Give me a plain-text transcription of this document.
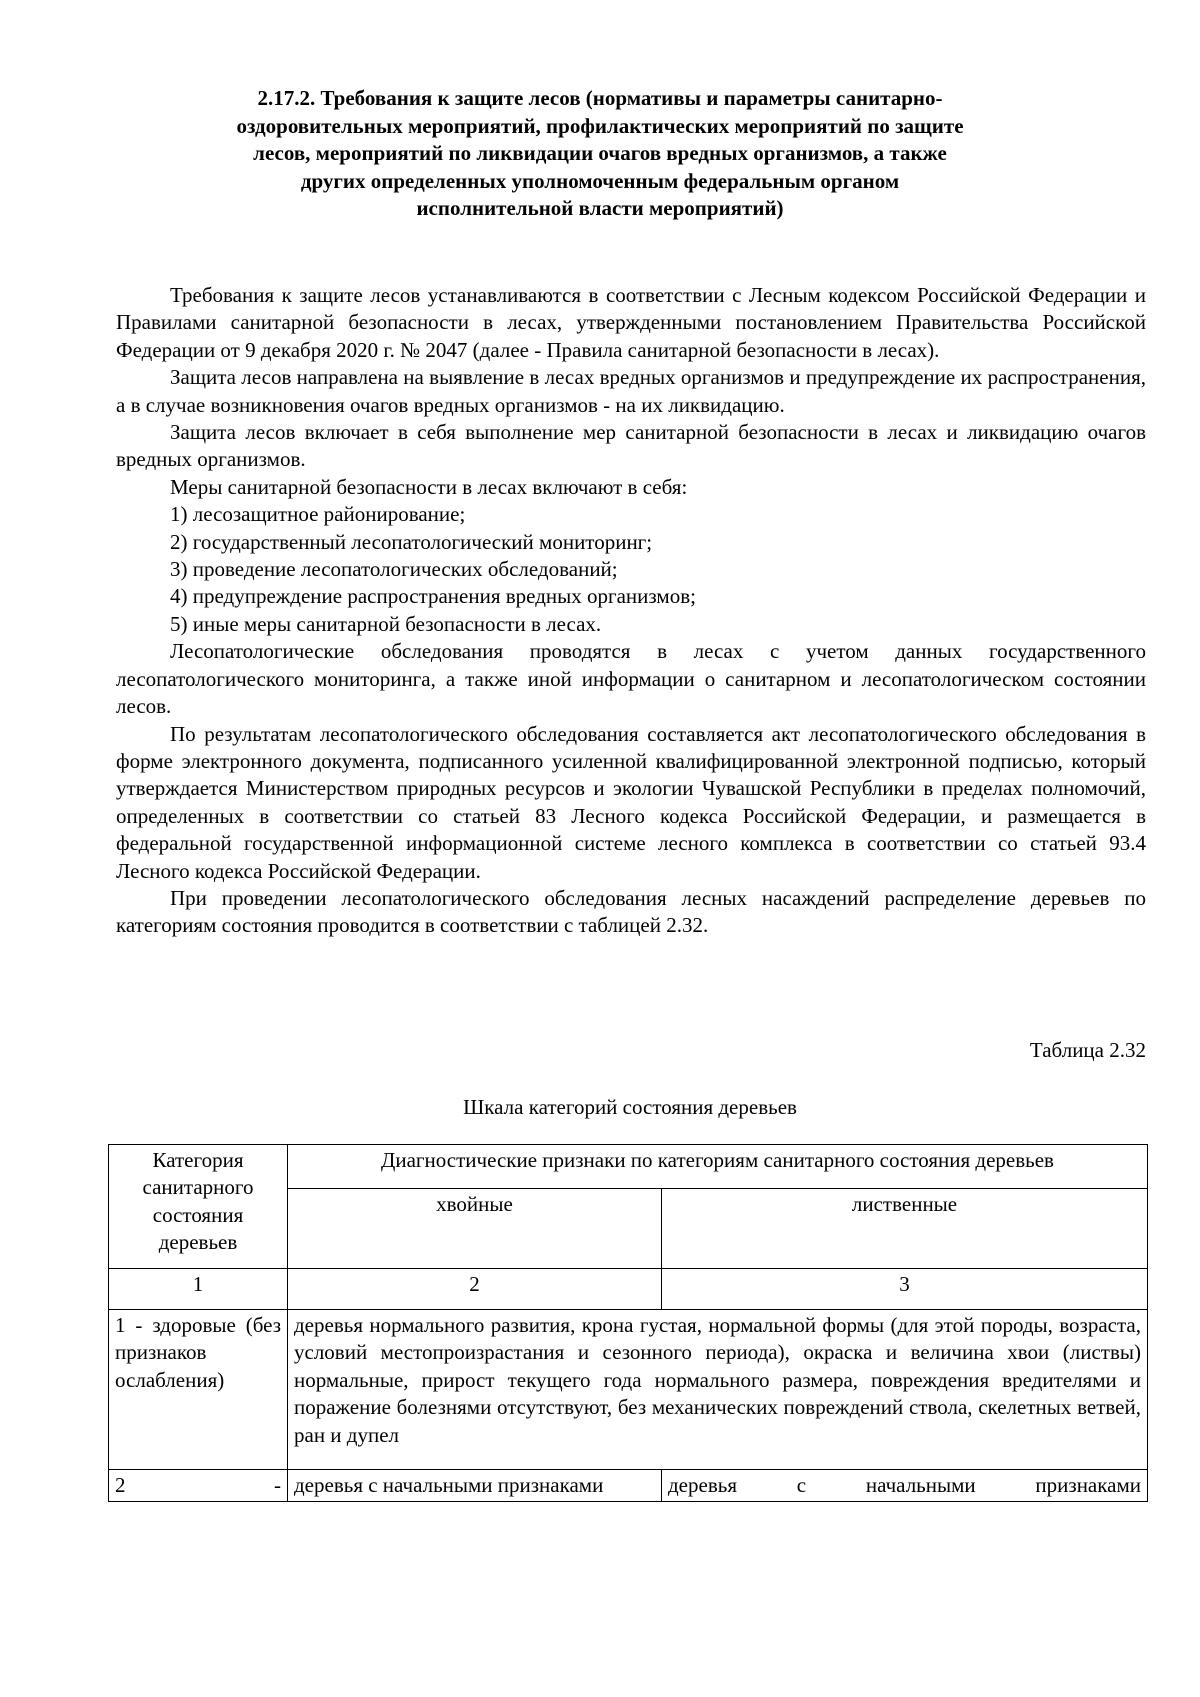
2.17.2. Требования к защите лесов (нормативы и параметры санитарно-оздоровительных мероприятий, профилактических мероприятий по защите лесов, мероприятий по ликвидации очагов вредных организмов, а также других определенных уполномоченным федеральным органом исполнительной власти мероприятий)

Требования к защите лесов устанавливаются в соответствии с Лесным кодексом Российской Федерации и Правилами санитарной безопасности в лесах, утвержденными постановлением Правительства Российской Федерации от 9 декабря 2020 г. № 2047 (далее - Правила санитарной безопасности в лесах).

Защита лесов направлена на выявление в лесах вредных организмов и предупреждение их распространения, а в случае возникновения очагов вредных организмов - на их ликвидацию.

Защита лесов включает в себя выполнение мер санитарной безопасности в лесах и ликвидацию очагов вредных организмов.

Меры санитарной безопасности в лесах включают в себя:

1) лесозащитное районирование;

2) государственный лесопатологический мониторинг;

3) проведение лесопатологических обследований;

4) предупреждение распространения вредных организмов;

5) иные меры санитарной безопасности в лесах.

Лесопатологические обследования проводятся в лесах с учетом данных государственного лесопатологического мониторинга, а также иной информации о санитарном и лесопатологическом состоянии лесов.

По результатам лесопатологического обследования составляется акт лесопатологического обследования в форме электронного документа, подписанного усиленной квалифицированной электронной подписью, который утверждается Министерством природных ресурсов и экологии Чувашской Республики в пределах полномочий, определенных в соответствии со статьей 83 Лесного кодекса Российской Федерации, и размещается в федеральной государственной информационной системе лесного комплекса в соответствии со статьей 93.4 Лесного кодекса Российской Федерации.

При проведении лесопатологического обследования лесных насаждений распределение деревьев по категориям состояния проводится в соответствии с таблицей 2.32.

Таблица 2.32
Шкала категорий состояния деревьев
Категория санитарного состояния деревьев	Диагностические признаки по категориям санитарного состояния деревьев	
	хвойные	лиственные
1	2	3
1 - здоровые (без признаков ослабления)	деревья нормального развития, крона густая, нормальной формы (для этой породы, возраста, условий местопроизрастания и сезонного периода), окраска и величина хвои (листвы) нормальные, прирост текущего года нормального размера, повреждения вредителями и поражение болезнями отсутствуют, без механических повреждений ствола, скелетных ветвей, ран и дупел	

2 -	деревья с начальными признаками	деревья с начальными признаками
